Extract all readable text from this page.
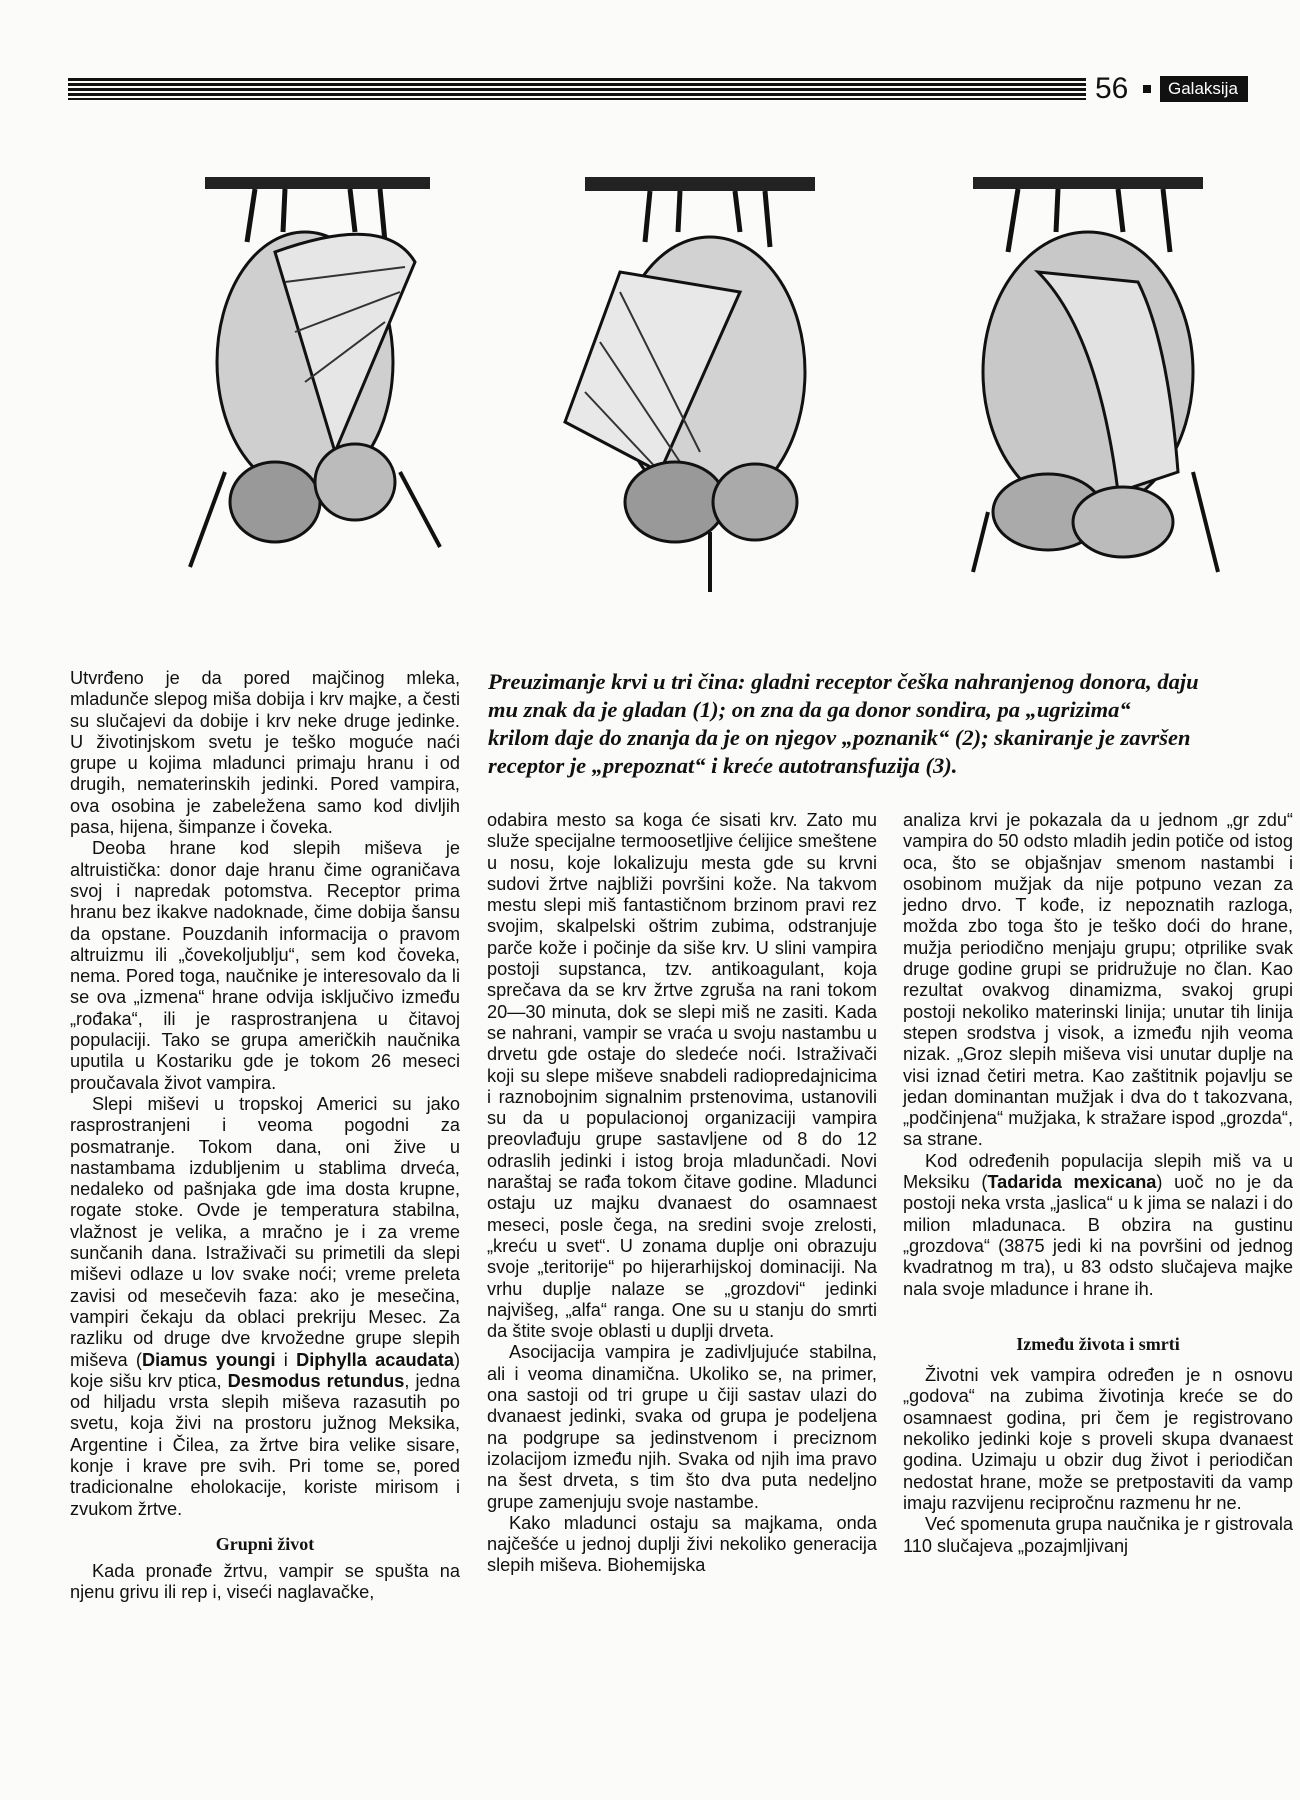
56	Galaksija
Preuzimanje krvi u tri čina: gladni receptor češka nahranjenog donora, daju
mu znak da je gladan (1); on zna da ga donor sondira, pa „ugrizima“
krilom daje do znanja da je on njegov „poznanik“ (2); skaniranje je završen
receptor je „prepoznat“ i kreće autotransfuzija (3).

Utvrđeno je da pored majčinog mleka, mladunče slepog miša dobija i krv majke, a česti su slučajevi da dobije i krv neke druge jedinke. U životinjskom svetu je teško moguće naći grupe u kojima mladunci primaju hranu i od drugih, nematerinskih jedinki. Pored vampira, ova osobina je zabeležena samo kod divljih pasa, hijena, šimpanze i čoveka.

Deoba hrane kod slepih miševa je altruistička: donor daje hranu čime ograničava svoj i napredak potomstva. Receptor prima hranu bez ikakve nadoknade, čime dobija šansu da opstane. Pouzdanih informacija o pravom altruizmu ili „čovekoljublju“, sem kod čoveka, nema. Pored toga, naučnike je interesovalo da li se ova „izmena“ hrane odvija isključivo između „rođaka“, ili je rasprostranjena u čitavoj populaciji. Tako se grupa američkih naučnika uputila u Kostariku gde je tokom 26 meseci proučavala život vampira.

Slepi miševi u tropskoj Americi su jako rasprostranjeni i veoma pogodni za posmatranje. Tokom dana, oni žive u nastambama izdubljenim u stablima drveća, nedaleko od pašnjaka gde ima dosta krupne, rogate stoke. Ovde je temperatura stabilna, vlažnost je velika, a mračno je i za vreme sunčanih dana. Istraživači su primetili da slepi miševi odlaze u lov svake noći; vreme preleta zavisi od mesečevih faza: ako je mesečina, vampiri čekaju da oblaci prekriju Mesec. Za razliku od druge dve krvožedne grupe slepih miševa (Diamus youngi i Diphylla acaudata) koje sišu krv ptica, Desmodus retundus, jedna od hiljadu vrsta slepih miševa razasutih po svetu, koja živi na prostoru južnog Meksika, Argentine i Čilea, za žrtve bira velike sisare, konje i krave pre svih. Pri tome se, pored tradicionalne eholokacije, koriste mirisom i zvukom žrtve.

Grupni život

Kada pronađe žrtvu, vampir se spušta na njenu grivu ili rep i, viseći naglavačke,

odabira mesto sa koga će sisati krv. Zato mu služe specijalne termoosetljive ćelijice smeštene u nosu, koje lokalizuju mesta gde su krvni sudovi žrtve najbliži površini kože. Na takvom mestu slepi miš fantastičnom brzinom pravi rez svojim, skalpelski oštrim zubima, odstranjuje parče kože i počinje da siše krv. U slini vampira postoji supstanca, tzv. antikoagulant, koja sprečava da se krv žrtve zgruša na rani tokom 20—30 minuta, dok se slepi miš ne zasiti. Kada se nahrani, vampir se vraća u svoju nastambu u drvetu gde ostaje do sledeće noći. Istraživači koji su slepe miševe snabdeli radiopredajnicima i raznobojnim signalnim prstenovima, ustanovili su da u populacionoj organizaciji vampira preovlađuju grupe sastavljene od 8 do 12 odraslih jedinki i istog broja mladunčadi. Novi naraštaj se rađa tokom čitave godine. Mladunci ostaju uz majku dvanaest do osamnaest meseci, posle čega, na sredini svoje zrelosti, „kreću u svet“. U zonama duplje oni obrazuju svoje „teritorije“ po hijerarhijskoj dominaciji. Na vrhu duplje nalaze se „grozdovi“ jedinki najvišeg, „alfa“ ranga. One su u stanju do smrti da štite svoje oblasti u duplji drveta.

Asocijacija vampira je zadivljujuće stabilna, ali i veoma dinamična. Ukoliko se, na primer, ona sastoji od tri grupe u čiji sastav ulazi do dvanaest jedinki, svaka od grupa je podeljena na podgrupe sa jedinstvenom i preciznom izolacijom između njih. Svaka od njih ima pravo na šest drveta, s tim što dva puta nedeljno grupe zamenjuju svoje nastambe.

Kako mladunci ostaju sa majkama, onda najčešće u jednoj duplji živi nekoliko generacija slepih miševa. Biohemijska

analiza krvi je pokazala da u jednom „gr zdu“ vampira do 50 odsto mladih jedin potiče od istog oca, što se objašnjav smenom nastambi i osobinom mužjak da nije potpuno vezan za jedno drvo. T kođe, iz nepoznatih razloga, možda zbo toga što je teško doći do hrane, mužja periodično menjaju grupu; otprilike svak druge godine grupi se pridružuje no član. Kao rezultat ovakvog dinamizma, svakoj grupi postoji nekoliko materinski linija; unutar tih linija stepen srodstva j visok, a između njih veoma nizak. „Groz slepih miševa visi unutar duplje na visi iznad četiri metra. Kao zaštitnik pojavlju se jedan dominantan mužjak i dva do t takozvana, „podčinjena“ mužjaka, k stražare ispod „grozda“, sa strane.

Kod određenih populacija slepih miš va u Meksiku (Tadarida mexicana) uoč no je da postoji neka vrsta „jaslica“ u k jima se nalazi i do milion mladunaca. B obzira na gustinu „grozdova“ (3875 jedi ki na površini od jednog kvadratnog m tra), u 83 odsto slučajeva majke nala svoje mladunce i hrane ih.

Između života i smrti

Životni vek vampira određen je n osnovu „godova“ na zubima životinja kreće se do osamnaest godina, pri čem je registrovano nekoliko jedinki koje s proveli skupa dvanaest godina. Uzimaju u obzir dug život i periodičan nedostat hrane, može se pretpostaviti da vamp imaju razvijenu recipročnu razmenu hr ne.

Već spomenuta grupa naučnika je r gistrovala 110 slučajeva „pozajmljivanj
